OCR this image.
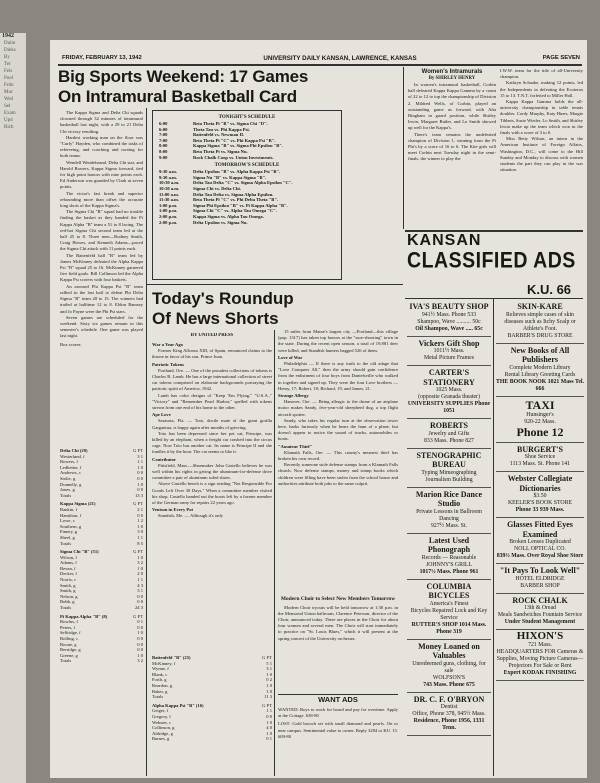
1942
Dulm
Dieks
By
Ter
Fels
Pool
Frdo
Mur
Wed
Sel
Exam
Upd
Rich
FRIDAY, FEBRUARY 13, 1942	UNIVERSITY DAILY KANSAN, LAWRENCE, KANSAS	PAGE SEVEN
Big Sports Weekend: 17 Games
On Intramural Basketball Card
The Kappa Sigma and Delta Chi squads clowned through 32 minutes of intramural basketball last night, with a 29 to 21 Delta Chi victory resulting.
Hardest working man on the floor was "Curly" Hayden, who combined the tasks of refereeing, and coaching and rooting for both teams.
Wendell Wendelstand, Delta Chi star, and Harold Bowers, Kappa Sigma forward, tied for high point honors with nine points each. Ed Anderson was guarded by Clark at seven points.
The victor's fast break and superior rebounding more than offset the accurate long shots of the Kappa Sigma's.
The Sigma Chi "B" squad had no trouble finding the basket as they handed the Pi Kappa Alpha "B" team a 51 to 8 lacing. The red-hot Sigma Chi second team led at the half 25 to 8. Three men—Rodney Smith, Craig Howes, and Kenneth Adams—paced the Sigma Chi attack with 11 points each.
The Battenfeld hall "B" team led by James McKinney defeated the Alpha Kappa Psi "B" squad 25 to 16. McKinney garnered five field goals. Bill Collinson led the Alpha Kappa Psi scorers with four baskets.
An aroused Phi Kappa Psi "B" team rallied in the last half to defeat Phi Delta Sigma "B" team 20 to 15. The winners had trailed at halftime 12 to 8. Eldon Ramsey and Jo Payne were the Phi Psi stars.
Seven games are scheduled for the weekend. Sixty six games remain in this semester's schedule. One game was played last night.
Box scores:
Delta Chi (29)	G FT
Westerlund, f	3 1
Bowers, f	1 1
Ledbetter, f	1 0
Andrews, c	0 0
Stolte, g	0 0
Donnelly, g	1 0
Jones, g	0 0
Totals	13 3
Kappa Sigma (21)	G FT
Rankin, f	2 1
Hamilton, f	0 0
Lowe, c	1 2
Southern, g	1 0
Finney, g	3 0
Sheel, g	1 1
Totals	8 5
Sigma Chi "B" (51)	G FT
Wilson, f	1 0
Adams, f	3 2
Bevan, f	1 0
Decker, f	2 0
Norris, c	1 1
Smith, g	4 3
Smith, g	3 1
Nelson, g	0 0
Bobb, g	0 0
Totals	24 3
Pi Kappa Alpha "B" (8)	G FT
Bowlus, f	0 1
Peters, f	0 0
Selfridge, f	1 0
Bolling, c	0 0
Boone, g	0 0
Berridge, g	0 0
Greene, g	1 0
Totals	3 2
TONIGHT'S SCHEDULE
6:00	Beta Theta Pi "B" vs. Sigma Chi "D".
6:00	Theta Tau vs. Phi Kappa Psi.
7:00	Battenfeld vs. Newman II.
7:00	Beta Theta Pi "C" vs. Phi Kappa Psi "B".
8:00	Kappa Sigma "B" vs. Sigma Phi Epsilon "B".
8:00	Beta Theta Pi vs. Sigma Nu.
9:00	Rock Chalk Coop vs. Union Investments.
TOMORROW'S SCHEDULE
9:30 a.m.	Delta Upsilon "B" vs. Alpha Kappa Psi "B".
9:30 a.m.	Sigma Nu "B" vs. Kappa Sigma "B".
10:30 a.m.	Delta Tau Delta "C" vs. Sigma Alpha Epsilon "C".
10:30 a.m.	Sigma Chi vs. Delta Chi.
11:00 a.m.	Delta Tau Delta vs. Sigma Alpha Epsilon.
11:30 a.m.	Beta Theta Pi "C" vs. Phi Delta Theta "B".
1:00 p.m.	Sigma Phi Epsilon "B" vs. Pi Kappa Alpha "B".
1:00 p.m.	Sigma Chi "C" vs. Alpha Tau Omega "C".
2:00 p.m.	Kappa Sigma vs. Alpha Tau Omega.
2:00 p.m.	Delta Upsilon vs. Sigma Nu.
Today's Roundup
Of News Shorts
BY UNITED PRESS
War a Year Ago
Former King Alfonso XIII, of Spain, renounced claims to the throne in favor of his son, Prince Juan.
Patriotic Tokens
Portland, Ore. — One of the proudest collections of tokens is Charles R. Lamb. He has a large international collection of street car tokens comprised on elaborate backgrounds portraying the patriotic spirit of America, 1942.
Lamb has color designs of "Keep 'Em Flying," "U.S.A.," "Victory" and "Remember Pearl Harbor," spelled with tokens strewn from one end of his home to the other.
Ape Love
Sarasota, Fla. — Toto, docile mate of the giant gorilla Gargantua, is happy again after months of grieving.
Toto has been depressed since her pet cat, Principe, was killed by an elephant, when a freight car crashed into the circus cage. Now Toto has another cat. Its name is Principe II and she fondles it by the hour. The cat seems to like it.
Contributor
Pittsfield, Mass.—Shoemaker John Castello believes he was well within his rights in giving the aluminum-for-defense drive committee a pair of aluminum soled shoes.
Above Castello bench is a sign reading "Not Responsible For Goods Left Over 30 Days." When a committee member visited his shop, Castello handed out the boots left by a former member of the German army for repairs 22 years ago.
Venison in Every Pot
Standish, Me. — Although it's only
15 miles from Maine's largest city —Portland—this village (pop. 1317) has taken top honors at the "sure-shooting" town in the state. During the recent open season, a total of 19,881 deer were killed, and Standish hunters bagged 526 of them.
Love of War
Philadelphia — If there is any truth to the old adage that "Love Conquers All," then the army should gain confidence from the enlistment of four boys from Danielsville who walked in together and signed up. They were the four Love brothers —Henry, 17; Robert, 18; Richard, 19, and James, 21.
Strange Allergy
Hanover, Ore. — Being allergic to the drone of an airplane motor makes Sandy, five-year-old sheepherd dog, a top flight aircraft spotter.
Sandy, who takes his regular turn at the observation tower here, barks furiously when he hears the hum of a plane, but doesn't appear to notice the sound of trucks, automobiles or boats.
"Amateur Thief"
Klamath Falls, Ore. — This county's meanest thief has broken his own record.
Recently someone stole defense stamps from a Klamath Falls church. Now defense stamps, money and stamp books which children were filling have been stolen from the school house and authorities attribute both jobs to the same culprit.
Battenfeld "B" (25)	G FT
McKinney, f	5 1
Wynne, f	3 1
Blank, c	1 0
Forth, g	0 2
Reardon, g	1 0
Baker, g	1 0
Totals	11 3
Alpha Kappa Psi "B" (16)	G FT
Geiger, f	1 1
Gregory, f	0 0
Webster, c	1 0
Collinson, g	4 0
Aldridge, g	1 0
Barnes, g	0 1
Modern Choir to Select New Members Tomorrow
Modern Choir tryouts will be held tomorrow at 1:30 p.m. in the Memorial Union ballroom, Clarence Peterson, director of the Choir, announced today. There are places in the Choir for about four women and several men. The Choir will start immediately to practice on "St. Louis Blues," which it will present at the spring concert of the University orchestra.
WANT ADS
WANTED: Boys to work for board and pay for overtime. Apply at the Cottage. 638-80
LOST: Gold brooch set with small diamond and pearls. On or near campus. Sentimental value to owner. Reply 3284 or KU. 15. 609-80
Women's Intramurals
By SHIRLEY HENRY
In women's intramural basketball, Corbin hall defeated Kappa Kappa Gamma by a count of 22 to 12 to top the championship of Division 2. Mildred Wells, of Corbin, played an outstanding game as forward, with Alta Bingham in guard position, while Shirley Irwin, Margaret Butler, and Lo Smith showed up well for the Kappa's.
There's team remains the undefeated champion of Division 1, winning from the Pi Phi's by a score of 16 to 6. The Kite girls will meet Corbin next Tuesday night in the semi-finals, the winner to play the
I.W.W. team for the title of all-University champion.
Kathryn Schaake, making 12 points, led the Independents in defeating the Ecoterax 15 to 13. T.N.T. forfeited to Miller Hall.
Kappa Kappa Gamma holds the all-university championship in table tennis doubles. Cordy Murphy, Katy Hines, Margie Tibbets, Susie Wieder, Lo Smith, and Shirley Irwin make up the team which won in the finals with a score of 3 to 0.
Miss Betty Wilson, an intern in the American Institute of Foreign Affairs, Washington, D.C., will come to the Hill Sunday and Monday to discuss with women students the part they can play in the war situation.
KANSAN
CLASSIFIED ADS
K.U. 66
IVA'S BEAUTY SHOP
941½ Mass. Phone 533
Shampoo, Wave .......... 50c
Oil Shampoo, Wave ..... 65c
Vickers Gift Shop
1011½ Mass.
Metal Picture Frames
CARTER'S STATIONERY
1025 Mass.
(opposite Granada theater)
UNIVERSITY SUPPLIES Phone 1051
ROBERTS
Jewelry and Gifts
833 Mass. Phone 827
STENOGRAPHIC BUREAU
Typing Mimeographing
Journalism Building
Marion Rice Dance Studio
Private Lessons in Ballroom Dancing
927½ Mass. St.
Latest Used Phonograph
Records — Reasonable
JOHNNY'S GRILL
1017½ Mass. Phone 961
COLUMBIA BICYCLES
America's Finest
Bicycles Repaired Lock and Key Service
RUTTER'S SHOP 1014 Mass. Phone 319
Money Loaned on Valuables
Unredeemed guns, clothing, for sale
WOLFSON'S
743 Mass. Phone 675
DR. C. F. O'BRYON
Dentist
Office, Phone 378, 945½ Mass.
Residence, Phone 1956, 1331 Tenn.
SKIN-KARE
Relieves simple cases of skin diseases such as Itchy Scalp or Athlete's Foot.
BARBER'S DRUG STORE
New Books of All Publishers
Complete Modern Library
Rental Library Greeting Cards
THE BOOK NOOK 1021 Mass Tel. 666
TAXI
Hunsinger's
920-22 Mass.
Phone 12
BURGERT'S
Shoe Service
1113 Mass. St. Phone 141
Webster Collegiate Dictionaries
$3.50
KEELER'S BOOK STORE
Phone 33 939 Mass.
Glasses Fitted Eyes Examined
Broken Lenses Duplicated
NOLL OPTICAL CO.
839½ Mass. Over Royal Shoe Store
"It Pays To Look Well"
HOTEL ELDRIDGE
BARBER SHOP
ROCK CHALK
13th & Oread
Meals Sandwiches Fountain Service
Under Student Management
HIXON'S
721 Mass.
HEADQUARTERS FOR Cameras & Supplies, Moving Picture Cameras—Projectors For Sale or Rent
Expert KODAK FINISHING
